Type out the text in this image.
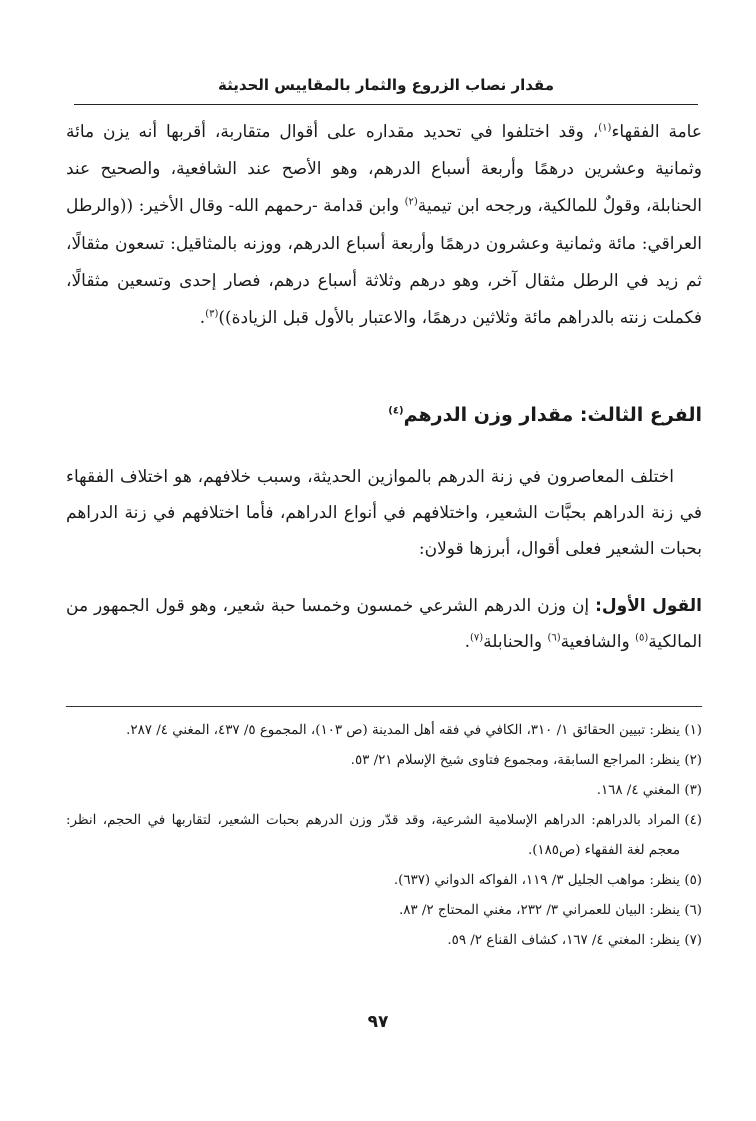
مقدار نصاب الزروع والثمار بالمقاييس الحديثة

عامة الفقهاء$^{(١)}$، وقد اختلفوا في تحديد مقداره على أقوال متقاربة، أقربها أنه يزن مائة وثمانية وعشرين درهمًا وأربعة أسباع الدرهم، وهو الأصح عند الشافعية، والصحيح عند الحنابلة، وقولٌ للمالكية، ورجحه ابن تيمية$^{(٢)}$ وابن قدامة -رحمهم الله- وقال الأخير: ((والرطل العراقي: مائة وثمانية وعشرون درهمًا وأربعة أسباع الدرهم، ووزنه بالمثاقيل: تسعون مثقالًا، ثم زيد في الرطل مثقال آخر، وهو درهم وثلاثة أسباع درهم، فصار إحدى وتسعين مثقالًا، فكملت زنته بالدراهم مائة وثلاثين درهمًا، والاعتبار بالأول قبل الزيادة))$^{(٣)}$.

الفرع الثالث: مقدار وزن الدرهم$^{(٤)}$

اختلف المعاصرون في زنة الدرهم بالموازين الحديثة، وسبب خلافهم، هو اختلاف الفقهاء في زنة الدراهم بحبَّات الشعير، واختلافهم في أنواع الدراهم، فأما اختلافهم في زنة الدراهم بحبات الشعير فعلى أقوال، أبرزها قولان:

القول الأول: إن وزن الدرهم الشرعي خمسون وخمسا حبة شعير، وهو قول الجمهور من المالكية$^{(٥)}$ والشافعية$^{(٦)}$ والحنابلة$^{(٧)}$.

(١)
ينظر: تبيين الحقائق ١/ ٣١٠، الكافي في فقه أهل المدينة (ص ١٠٣)، المجموع ٥/ ٤٣٧، المغني ٤/ ٢٨٧.
(٢)
ينظر: المراجع السابقة، ومجموع فتاوى شيخ الإسلام ٢١/ ٥٣.
(٣)
المغني ٤/ ١٦٨.
(٤)
المراد بالدراهم: الدراهم الإسلامية الشرعية، وقد قدّر وزن الدرهم بحبات الشعير، لتقاربها في الحجم، انظر: معجم لغة الفقهاء (ص١٨٥).
(٥)
ينظر: مواهب الجليل ٣/ ١١٩، الفواكه الدواني (٦٣٧).
(٦)
ينظر: البيان للعمراني ٣/ ٢٣٢، مغني المحتاج ٢/ ٨٣.
(٧)
ينظر: المغني ٤/ ١٦٧، كشاف القناع ٢/ ٥٩.
٩٧
